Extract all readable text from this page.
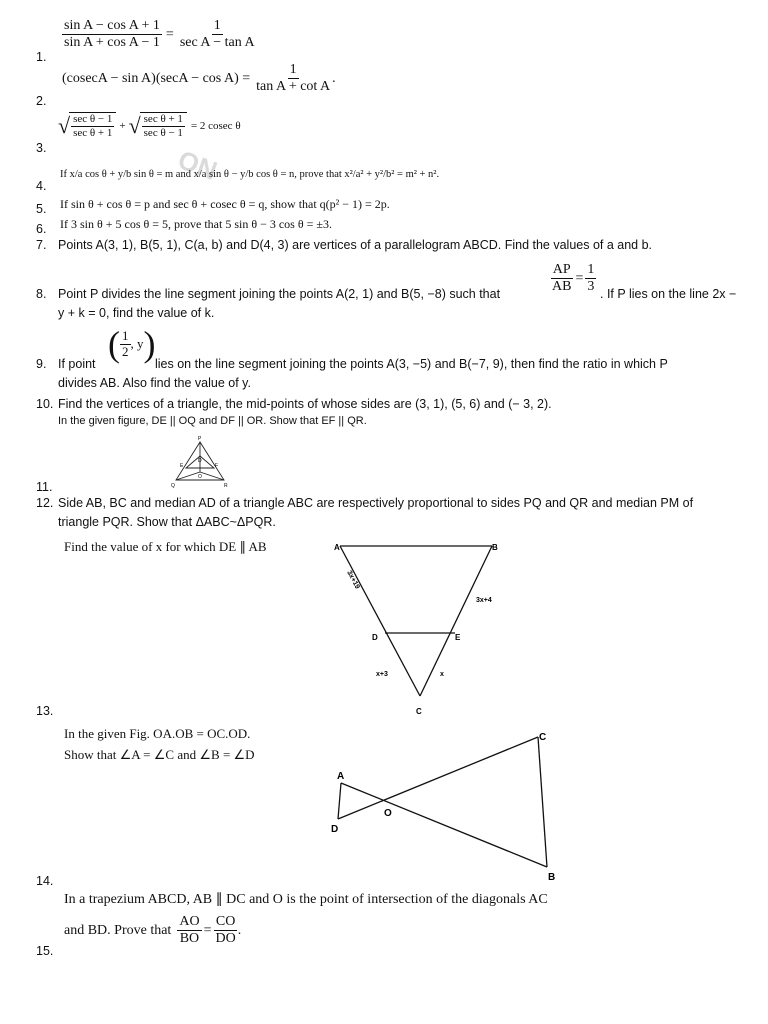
ON
1.
$\frac{\text{sin A − cos A + 1}}{\text{sin A + cos A − 1}}$ =
1
sec A − tan A
2.
$(cosecA - \sin A)(\sec A - \cos A) = \frac{1}{\text{tan A + cot A}}$ .
3.
√ sec θ − 1
sec θ + 1
+ √ sec θ + 1
sec θ − 1
= 2 cosec θ
4.
If x/a cos θ + y/b sin θ = m and x/a sin θ − y/b cos θ = n, prove that x²/a² + y²/b² = m² + n².
5. If sin θ + cos θ = p and sec θ + cosec θ = q, show that q(p² − 1) = 2p.
6. If 3 sin θ + 5 cos θ = 5, prove that 5 sin θ − 3 cos θ = ±3.
7. Points A(3, 1), B(5, 1), C(a, b) and D(4, 3) are vertices of a parallelogram ABCD. Find the values of a and b.
8. Point P divides the line segment joining the points A(2, 1) and B(5, −8) such that	$\frac{AP}{AB} = \frac{1}{3}$ . If P lies on the line 2x −
y + k = 0, find the value of k.
9. If point ( $\frac{1}{2}$ , y ) lies on the line segment joining the points A(3, −5) and B(−7, 9), then find the ratio in which P
divides AB. Also find the value of y.
10. Find the vertices of a triangle, the mid-points of whose sides are (3, 1), (5, 6) and (− 3, 2).
In the given figure, DE || OQ and DF || OR. Show that EF || QR.
P
Q	R
D
E	F
O
11.
12. Side AB, BC and median AD of a triangle ABC are respectively proportional to sides PQ and QR and median PM of
triangle PQR. Show that ΔABC~ΔPQR.
Find the value of x for which DE ∥ AB	A	B
C
D	E
3x+19
3x+4
x+3	x
13.
In the given Fig. OA.OB = OC.OD.
Show that ∠A = ∠C and ∠B = ∠D
A
D
C
B
O
14.
In a trapezium ABCD, AB ∥ DC and O is the point of intersection of the diagonals AC
and BD. Prove that $\frac{AO}{BO} = \frac{CO}{DO}$ .
15.
